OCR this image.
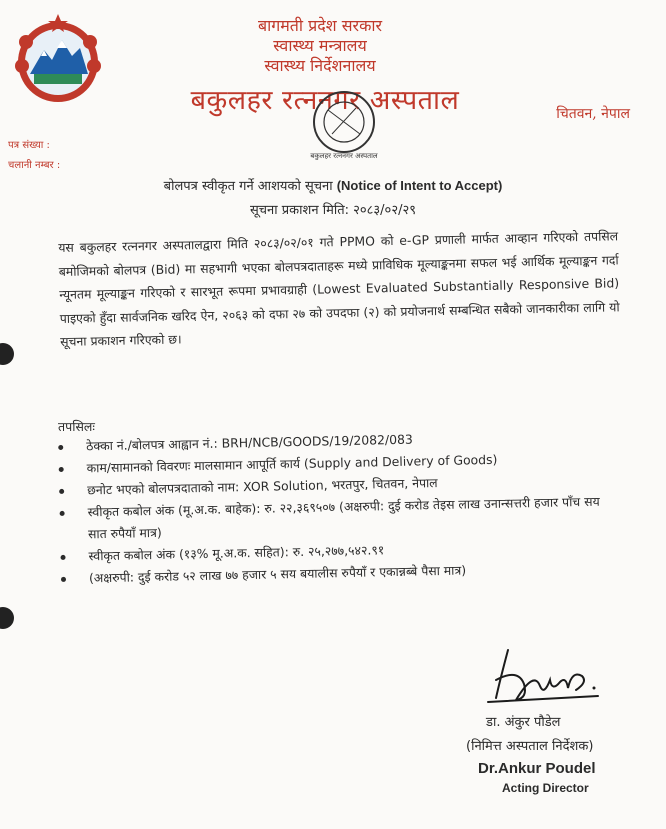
बागमती प्रदेश सरकार
स्वास्थ्य मन्त्रालय
स्वास्थ्य निर्देशनालय
बकुलहर रत्ननगर अस्पताल	चितवन, नेपाल
बकुलहर रत्ननगर अस्पताल
पत्र संख्या :
चलानी नम्बर :
बोलपत्र स्वीकृत गर्ने आशयको सूचना (Notice of Intent to Accept)
सूचना प्रकाशन मिति: २०८३/०२/२९
यस बकुलहर रत्ननगर अस्पतालद्वारा मिति २०८३/०२/०१ गते PPMO को e-GP प्रणाली मार्फत आव्हान गरिएको तपसिल बमोजिमको बोलपत्र (Bid) मा सहभागी भएका बोलपत्रदाताहरू मध्ये प्राविधिक मूल्याङ्कनमा सफल भई आर्थिक मूल्याङ्कन गर्दा न्यूनतम मूल्याङ्कन गरिएको र सारभूत रूपमा प्रभावग्राही (Lowest Evaluated Substantially Responsive Bid) पाइएको हुँदा सार्वजनिक खरिद ऐन, २०६३ को दफा २७ को उपदफा (२) को प्रयोजनार्थ सम्बन्धित सबैको जानकारीका लागि यो सूचना प्रकाशन गरिएको छ।
तपसिलः
ठेक्का नं./बोलपत्र आह्वान नं.: BRH/NCB/GOODS/19/2082/083
काम/सामानको विवरणः मालसामान आपूर्ति कार्य (Supply and Delivery of Goods)
छनोट भएको बोलपत्रदाताको नाम: XOR Solution, भरतपुर, चितवन, नेपाल
स्वीकृत कबोल अंक (मू.अ.क. बाहेक): रु. २२,३६९५०७ (अक्षरुपी: दुई करोड तेइस लाख उनान्सत्तरी हजार पाँच सय सात रुपैयाँ मात्र)
स्वीकृत कबोल अंक (१३% मू.अ.क. सहित): रु. २५,२७७,५४२.९१
(अक्षरुपी: दुई करोड ५२ लाख ७७ हजार ५ सय बयालीस रुपैयाँ र एकान्नब्बे पैसा मात्र)
डा. अंकुर पौडेल
(निमित्त अस्पताल निर्देशक)
Dr.Ankur Poudel
Acting Director
